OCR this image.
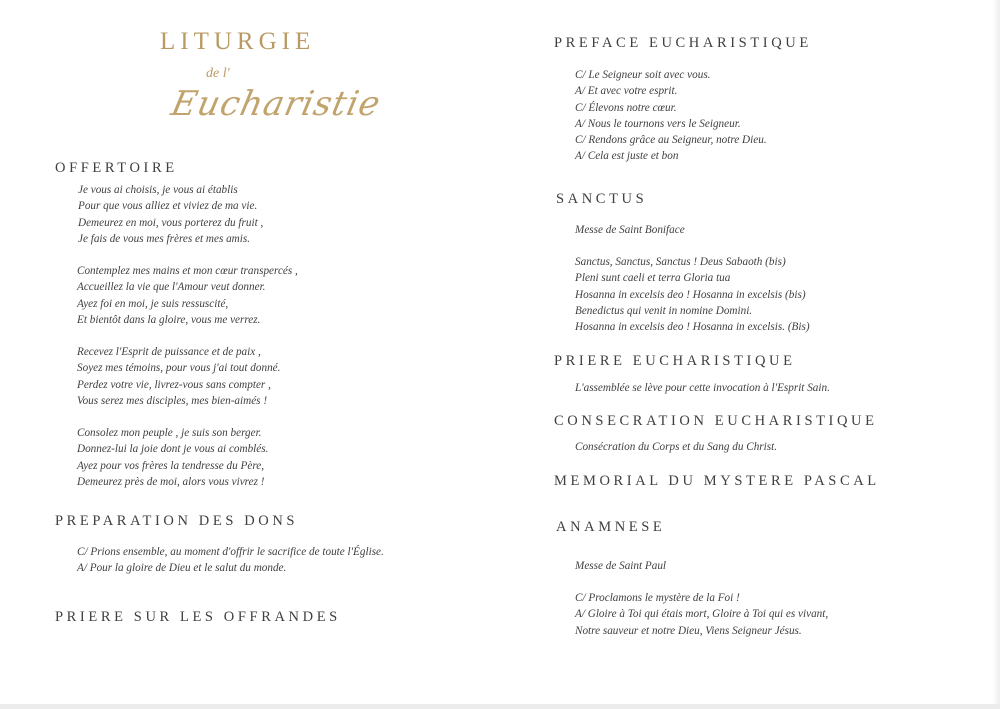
LITURGIE
de l'
Eucharistie
OFFERTOIRE
Je vous ai choisis, je vous ai établis
Pour que vous alliez et viviez de ma vie.
Demeurez en moi, vous porterez du fruit ,
Je fais de vous mes frères et mes amis.
Contemplez mes mains et mon cœur transpercés ,
Accueillez la vie que l'Amour veut donner.
Ayez foi en moi, je suis ressuscité,
Et bientôt dans la gloire, vous me verrez.
Recevez l'Esprit de puissance et de paix ,
Soyez mes témoins, pour vous j'ai tout donné.
Perdez votre vie, livrez-vous sans compter ,
Vous serez mes disciples, mes bien-aimés !
Consolez mon peuple , je suis son berger.
Donnez-lui la joie dont je vous ai comblés.
Ayez pour vos frères la tendresse du Père,
Demeurez près de moi, alors vous vivrez !
PREPARATION DES DONS
C/ Prions ensemble, au moment d'offrir le sacrifice de toute l'Église.
A/ Pour la gloire de Dieu et le salut du monde.
PRIERE SUR LES OFFRANDES
PREFACE EUCHARISTIQUE
C/ Le Seigneur soit avec vous.
A/ Et avec votre esprit.
C/ Élevons notre cœur.
A/ Nous le tournons vers le Seigneur.
C/ Rendons grâce au Seigneur, notre Dieu.
A/ Cela est juste et bon
SANCTUS
Messe de Saint Boniface
Sanctus, Sanctus, Sanctus ! Deus Sabaoth (bis)
Pleni sunt caeli et terra Gloria tua
Hosanna in excelsis deo ! Hosanna in excelsis (bis)
Benedictus qui venit in nomine Domini.
Hosanna in excelsis deo ! Hosanna in excelsis. (Bis)
PRIERE EUCHARISTIQUE
L'assemblée se lève pour cette invocation à l'Esprit Sain.
CONSECRATION EUCHARISTIQUE
Consécration du Corps et du Sang du Christ.
MEMORIAL DU MYSTERE PASCAL
ANAMNESE
Messe de Saint Paul
C/ Proclamons le mystère de la Foi !
A/ Gloire à Toi qui étais mort, Gloire à Toi qui es vivant,
Notre sauveur et notre Dieu, Viens Seigneur Jésus.
